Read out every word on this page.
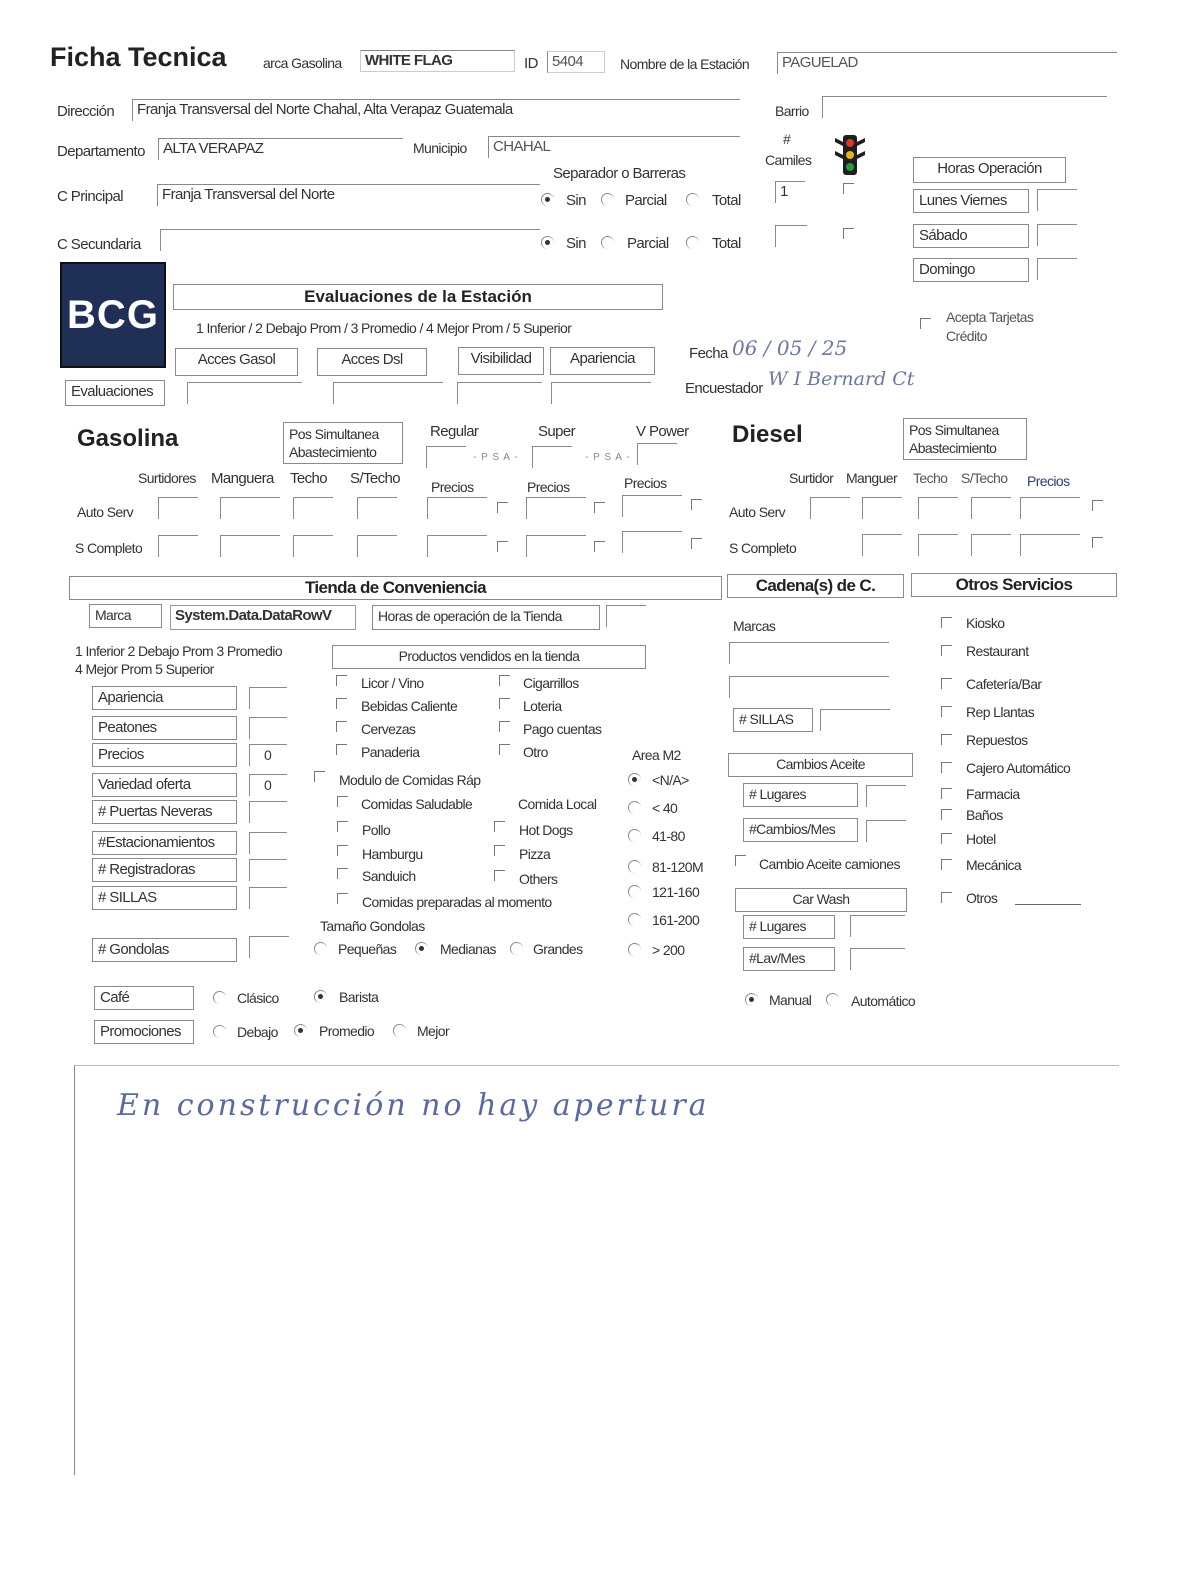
Ficha Tecnica	arca Gasolina	WHITE FLAG	ID 5404	Nombre de la Estación	PAGUELAD
Dirección	Franja Transversal del Norte Chahal, Alta Verapaz Guatemala	Barrio
Departamento	ALTA VERAPAZ	Municipio	CHAHAL
Separador o Barreras
#
Camiles	Horas Operación
C Principal	Franja Transversal del Norte	Sin	Parcial	Total
1
Lunes Viernes
C Secundaria	Sin	Parcial	Total	Sábado
Domingo
BCG	Evaluaciones de la Estación
1 Inferior / 2 Debajo Prom / 3 Promedio / 4 Mejor Prom / 5 Superior
Acepta Tarjetas
Crédito
Acces Gasol	Acces Dsl	Visibilidad	Apariencia	Fecha 06 / 05 / 25
Encuestador W I Bernard Ct
Evaluaciones
Gasolina	Pos Simultanea
Abastecimiento
Regular	Super	V Power
- P S A -	- P S A -
Surtidores Manguera Techo S/Techo Precios	Precios	Precios
Auto Serv
S Completo
Diesel	Pos Simultanea
Abastecimiento
Surtidor Manguer Techo S/Techo Precios
Auto Serv
S Completo
Tienda de Conveniencia	Cadena(s) de C.	Otros Servicios
Marca	System.Data.DataRowV	Horas de operación de la Tienda
1 Inferior 2 Debajo Prom 3 Promedio
4 Mejor Prom 5 Superior
Apariencia
Peatones
Precios	0
Variedad oferta	0
# Puertas Neveras
#Estacionamientos
# Registradoras
# SILLAS
# Gondolas
Productos vendidos en la tienda
Licor / Vino
Bebidas Caliente
Cervezas
Panaderia
Cigarrillos
Loteria
Pago cuentas
Otro
Modulo de Comidas Ráp
Comidas Saludable	Comida Local
Pollo	Hot Dogs
Hamburgu	Pizza
Sanduich	Others
Comidas preparadas al momento
Tamaño Gondolas
Pequeñas	Medianas	Grandes
Area M2
<N/A>
< 40
41-80
81-120M
121-160
161-200
> 200
Café	Clásico	Barista
Promociones	Debajo	Promedio	Mejor
Marcas
# SILLAS
Cambios Aceite
# Lugares
#Cambios/Mes
Cambio Aceite camiones
Car Wash
# Lugares
#Lav/Mes
Manual	Automático
Kiosko
Restaurant
Cafetería/Bar
Rep Llantas
Repuestos
Cajero Automático
Farmacia
Baños
Hotel
Mecánica
Otros
En construcción no hay apertura
